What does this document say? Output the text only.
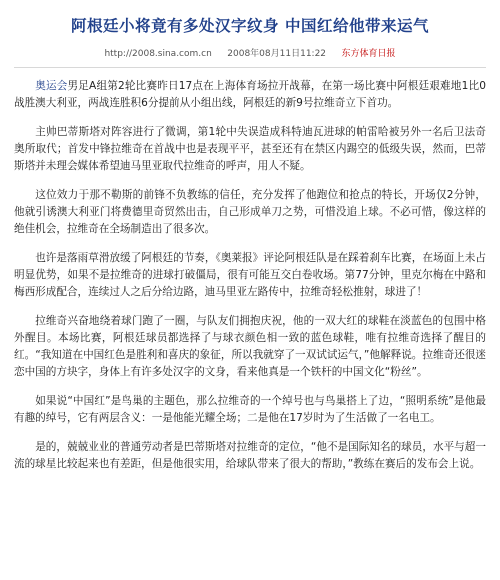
阿根廷小将竟有多处汉字纹身 中国红给他带来运气
http://2008.sina.com.cn 2008年08月11日11:22 东方体育日报

奥运会男足A组第2轮比赛昨日17点在上海体育场拉开战幕，在第一场比赛中阿根廷艰难地1比0战胜澳大利亚，两战连胜积6分提前从小组出线，阿根廷的新9号拉维奇立下首功。

主帅巴蒂斯塔对阵容进行了微调，第1轮中失误造成科特迪瓦进球的帕雷哈被另外一名后卫法奇奥所取代；首发中锋拉维奇在首战中也是表现平平，甚至还有在禁区内踢空的低级失误，然而，巴蒂斯塔并未理会媒体希望迪马里亚取代拉维奇的呼声，用人不疑。

这位效力于那不勒斯的前锋不负教练的信任，充分发挥了他跑位和抢点的特长，开场仅2分钟，他就引诱澳大利亚门将费德里奇贸然出击，自己形成单刀之势，可惜没追上球。不必可惜，像这样的绝佳机会，拉维奇在全场制造出了很多次。

也许是落雨草滑放缓了阿根廷的节奏，《奥莱报》评论阿根廷队是在踩着刹车比赛，在场面上未占明显优势，如果不是拉维奇的进球打破僵局，很有可能互交白卷收场。第77分钟，里克尔梅在中路和梅西形成配合，连续过人之后分给边路，迪马里亚左路传中，拉维奇轻松推射，球进了！

拉维奇兴奋地绕着球门跑了一圈，与队友们拥抱庆祝，他的一双大红的球鞋在淡蓝色的包围中格外醒目。本场比赛，阿根廷球员都选择了与球衣颜色相一致的蓝色球鞋，唯有拉维奇选择了醒目的红。“我知道在中国红色是胜利和喜庆的象征，所以我就穿了一双试试运气，”他解释说。拉维奇还很迷恋中国的方块字，身体上有许多处汉字的文身，看来他真是一个铁杆的中国文化“粉丝”。

如果说“中国红”是鸟巢的主题色，那么拉维奇的一个绰号也与鸟巢搭上了边，“照明系统”是他最有趣的绰号，它有两层含义：一是他能光耀全场；二是他在17岁时为了生活做了一名电工。

是的，兢兢业业的普通劳动者是巴蒂斯塔对拉维奇的定位，“他不是国际知名的球员，水平与超一流的球星比较起来也有差距，但是他很实用，给球队带来了很大的帮助，”教练在赛后的发布会上说。
